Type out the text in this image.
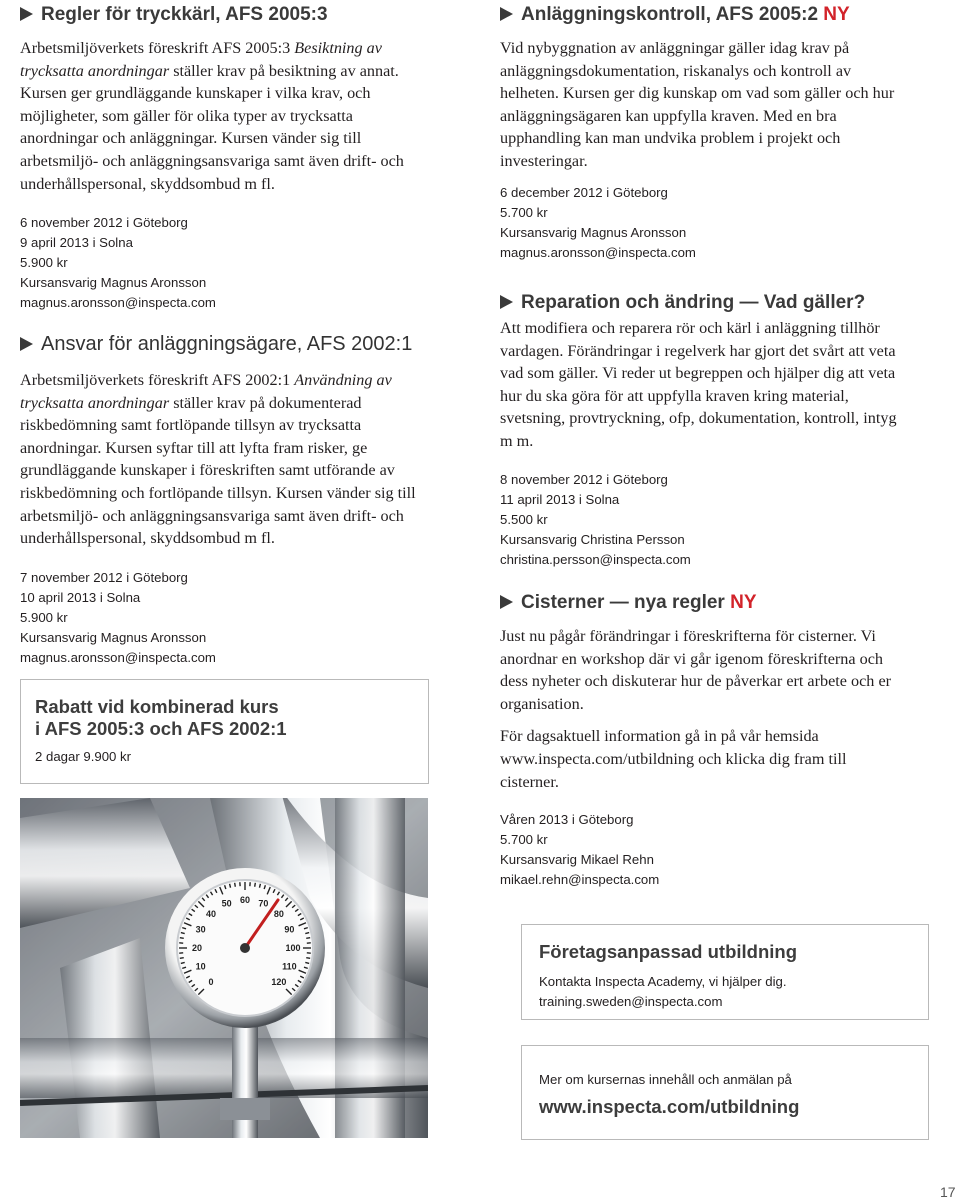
Regler för tryckkärl, AFS 2005:3
Arbetsmiljöverkets föreskrift AFS 2005:3 Besiktning av trycksatta anordningar ställer krav på besiktning av annat. Kursen ger grundläggande kunskaper i vilka krav, och möjligheter, som gäller för olika typer av trycksatta anordningar och anläggningar. Kursen vänder sig till arbetsmiljö- och anläggningsansvariga samt även drift- och underhållspersonal, skyddsombud m fl.
6 november 2012 i Göteborg
9 april 2013 i Solna
5.900 kr
Kursansvarig Magnus Aronsson
magnus.aronsson@inspecta.com
Ansvar för anläggningsägare, AFS 2002:1
Arbetsmiljöverkets föreskrift AFS 2002:1 Användning av trycksatta anordningar ställer krav på dokumenterad riskbedömning samt fortlöpande tillsyn av trycksatta anordningar. Kursen syftar till att lyfta fram risker, ge grundläggande kunskaper i föreskriften samt utförande av riskbedömning och fortlöpande tillsyn. Kursen vänder sig till arbetsmiljö- och anläggningsansvariga samt även drift- och underhållspersonal, skyddsombud m fl.
7 november 2012 i Göteborg
10 april 2013 i Solna
5.900 kr
Kursansvarig Magnus Aronsson
magnus.aronsson@inspecta.com
Rabatt vid kombinerad kurs
i AFS 2005:3 och AFS 2002:1
2 dagar 9.900 kr
0
10
20
30
40
50 60 70
80
90
100
110
120
Anläggningskontroll, AFS 2005:2 NY
Vid nybyggnation av anläggningar gäller idag krav på anläggningsdokumentation, riskanalys och kontroll av helheten. Kursen ger dig kunskap om vad som gäller och hur anläggningsägaren kan uppfylla kraven. Med en bra upphandling kan man undvika problem i projekt och investeringar.
6 december 2012 i Göteborg
5.700 kr
Kursansvarig Magnus Aronsson
magnus.aronsson@inspecta.com
Reparation och ändring — Vad gäller?
Att modifiera och reparera rör och kärl i anläggning tillhör vardagen. Förändringar i regelverk har gjort det svårt att veta vad som gäller. Vi reder ut begreppen och hjälper dig att veta hur du ska göra för att uppfylla kraven kring material, svetsning, provtryckning, ofp, dokumentation, kontroll, intyg m m.
8 november 2012 i Göteborg
11 april 2013 i Solna
5.500 kr
Kursansvarig Christina Persson
christina.persson@inspecta.com
Cisterner — nya regler NY
Just nu pågår förändringar i föreskrifterna för cisterner. Vi anordnar en workshop där vi går igenom föreskrifterna och dess nyheter och diskuterar hur de påverkar ert arbete och er organisation.
För dagsaktuell information gå in på vår hemsida www.inspecta.com/utbildning och klicka dig fram till cisterner.
Våren 2013 i Göteborg
5.700 kr
Kursansvarig Mikael Rehn
mikael.rehn@inspecta.com
Företagsanpassad utbildning
Kontakta Inspecta Academy, vi hjälper dig.
training.sweden@inspecta.com
Mer om kursernas innehåll och anmälan på
www.inspecta.com/utbildning
17
